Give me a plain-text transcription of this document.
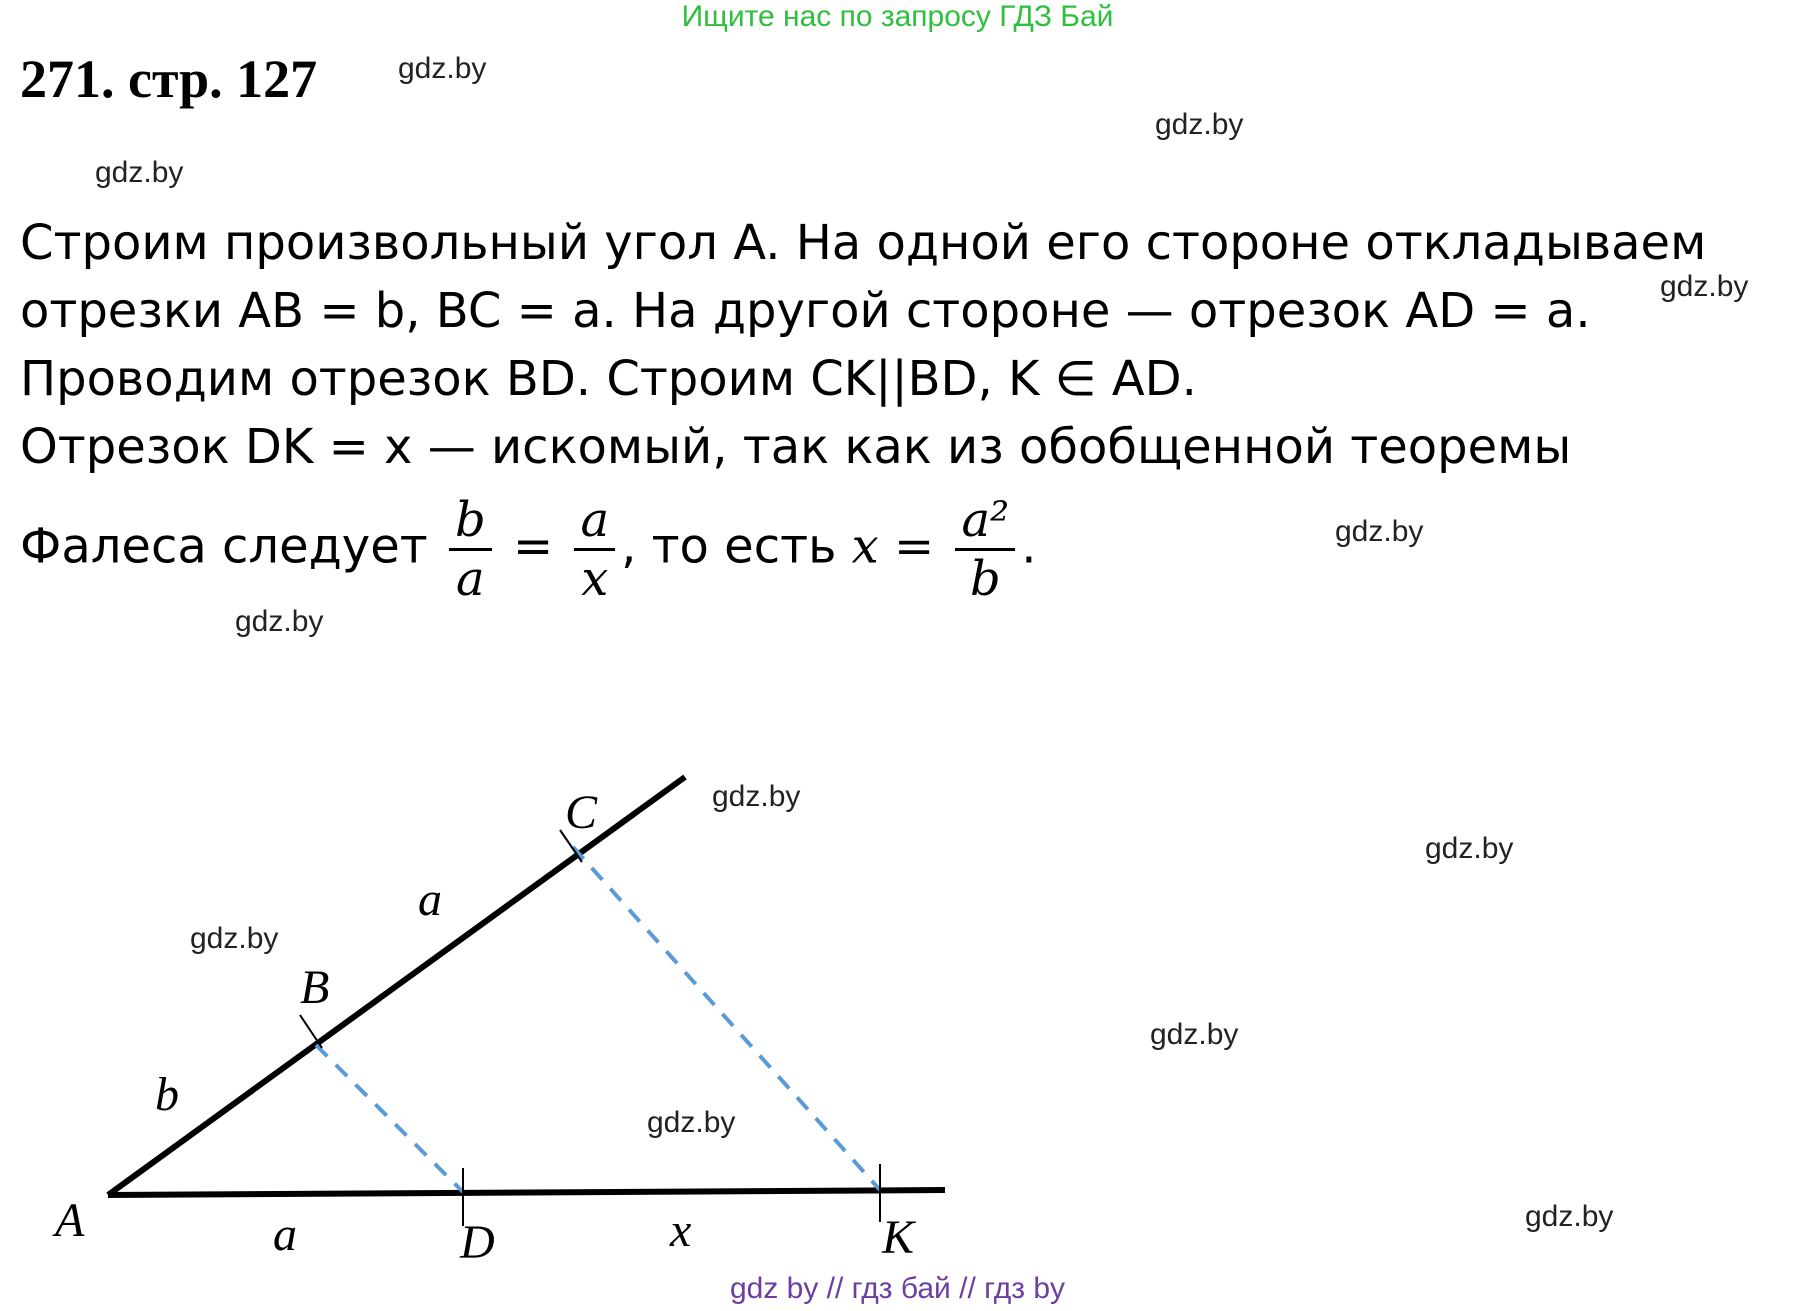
Ищите нас по запросу ГДЗ Бай
271. стр. 127	gdz.by
gdz.by
gdz.by
gdz.by
gdz.by
gdz.by
gdz.by
gdz.by
gdz.by
gdz.by
gdz.by
gdz.by
Строим произвольный угол A. На одной его стороне откладываем
отрезки AB = b, BC = a. На другой стороне — отрезок AD = a.
Проводим отрезок BD. Строим CK||BD, K ∈ AD.
Отрезок DK = x — искомый, так как из обобщенной теоремы
Фалеса следует $\frac{b}{a} = \frac{a}{x}$ , то есть $x = \frac{\text{a²}}{b}$ .
A
B
C
D	K
b
a
a	x
gdz by // гдз бай // гдз by
